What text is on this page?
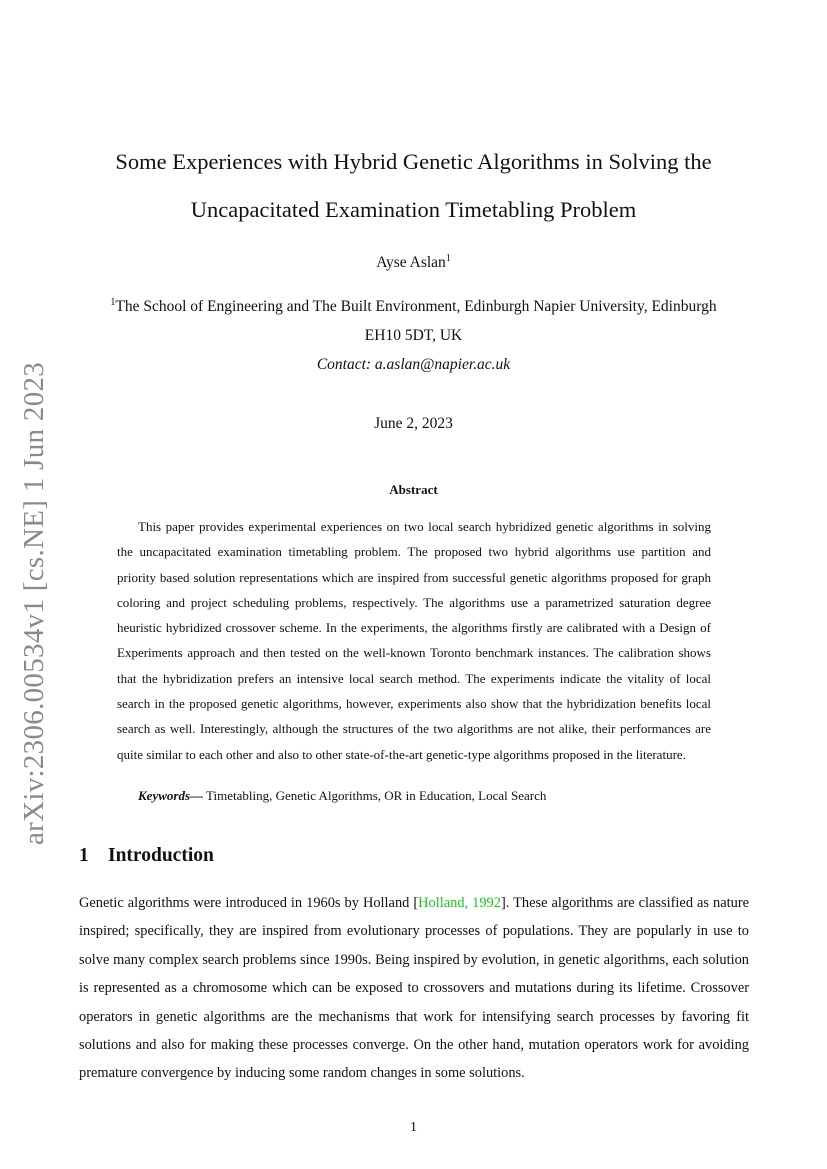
arXiv:2306.00534v1 [cs.NE] 1 Jun 2023
Some Experiences with Hybrid Genetic Algorithms in Solving the
Uncapacitated Examination Timetabling Problem
Ayse Aslan$^1$
$^1$The School of Engineering and The Built Environment, Edinburgh Napier University, Edinburgh
EH10 5DT, UK
Contact: a.aslan@napier.ac.uk
June 2, 2023
Abstract

This paper provides experimental experiences on two local search hybridized genetic algorithms in solving the uncapacitated examination timetabling problem. The proposed two hybrid algorithms use partition and priority based solution representations which are inspired from successful genetic algorithms proposed for graph coloring and project scheduling problems, respectively. The algorithms use a parametrized saturation degree heuristic hybridized crossover scheme. In the experiments, the algorithms firstly are calibrated with a Design of Experiments approach and then tested on the well-known Toronto benchmark instances. The calibration shows that the hybridization prefers an intensive local search method. The experiments indicate the vitality of local search in the proposed genetic algorithms, however, experiments also show that the hybridization benefits local search as well. Interestingly, although the structures of the two algorithms are not alike, their performances are quite similar to each other and also to other state-of-the-art genetic-type algorithms proposed in the literature.

Keywords— Timetabling, Genetic Algorithms, OR in Education, Local Search
1 Introduction

Genetic algorithms were introduced in 1960s by Holland [Holland, 1992]. These algorithms are classified as nature inspired; specifically, they are inspired from evolutionary processes of populations. They are popularly in use to solve many complex search problems since 1990s. Being inspired by evolution, in genetic algorithms, each solution is represented as a chromosome which can be exposed to crossovers and mutations during its lifetime. Crossover operators in genetic algorithms are the mechanisms that work for intensifying search processes by favoring fit solutions and also for making these processes converge. On the other hand, mutation operators work for avoiding premature convergence by inducing some random changes in some solutions.

1
